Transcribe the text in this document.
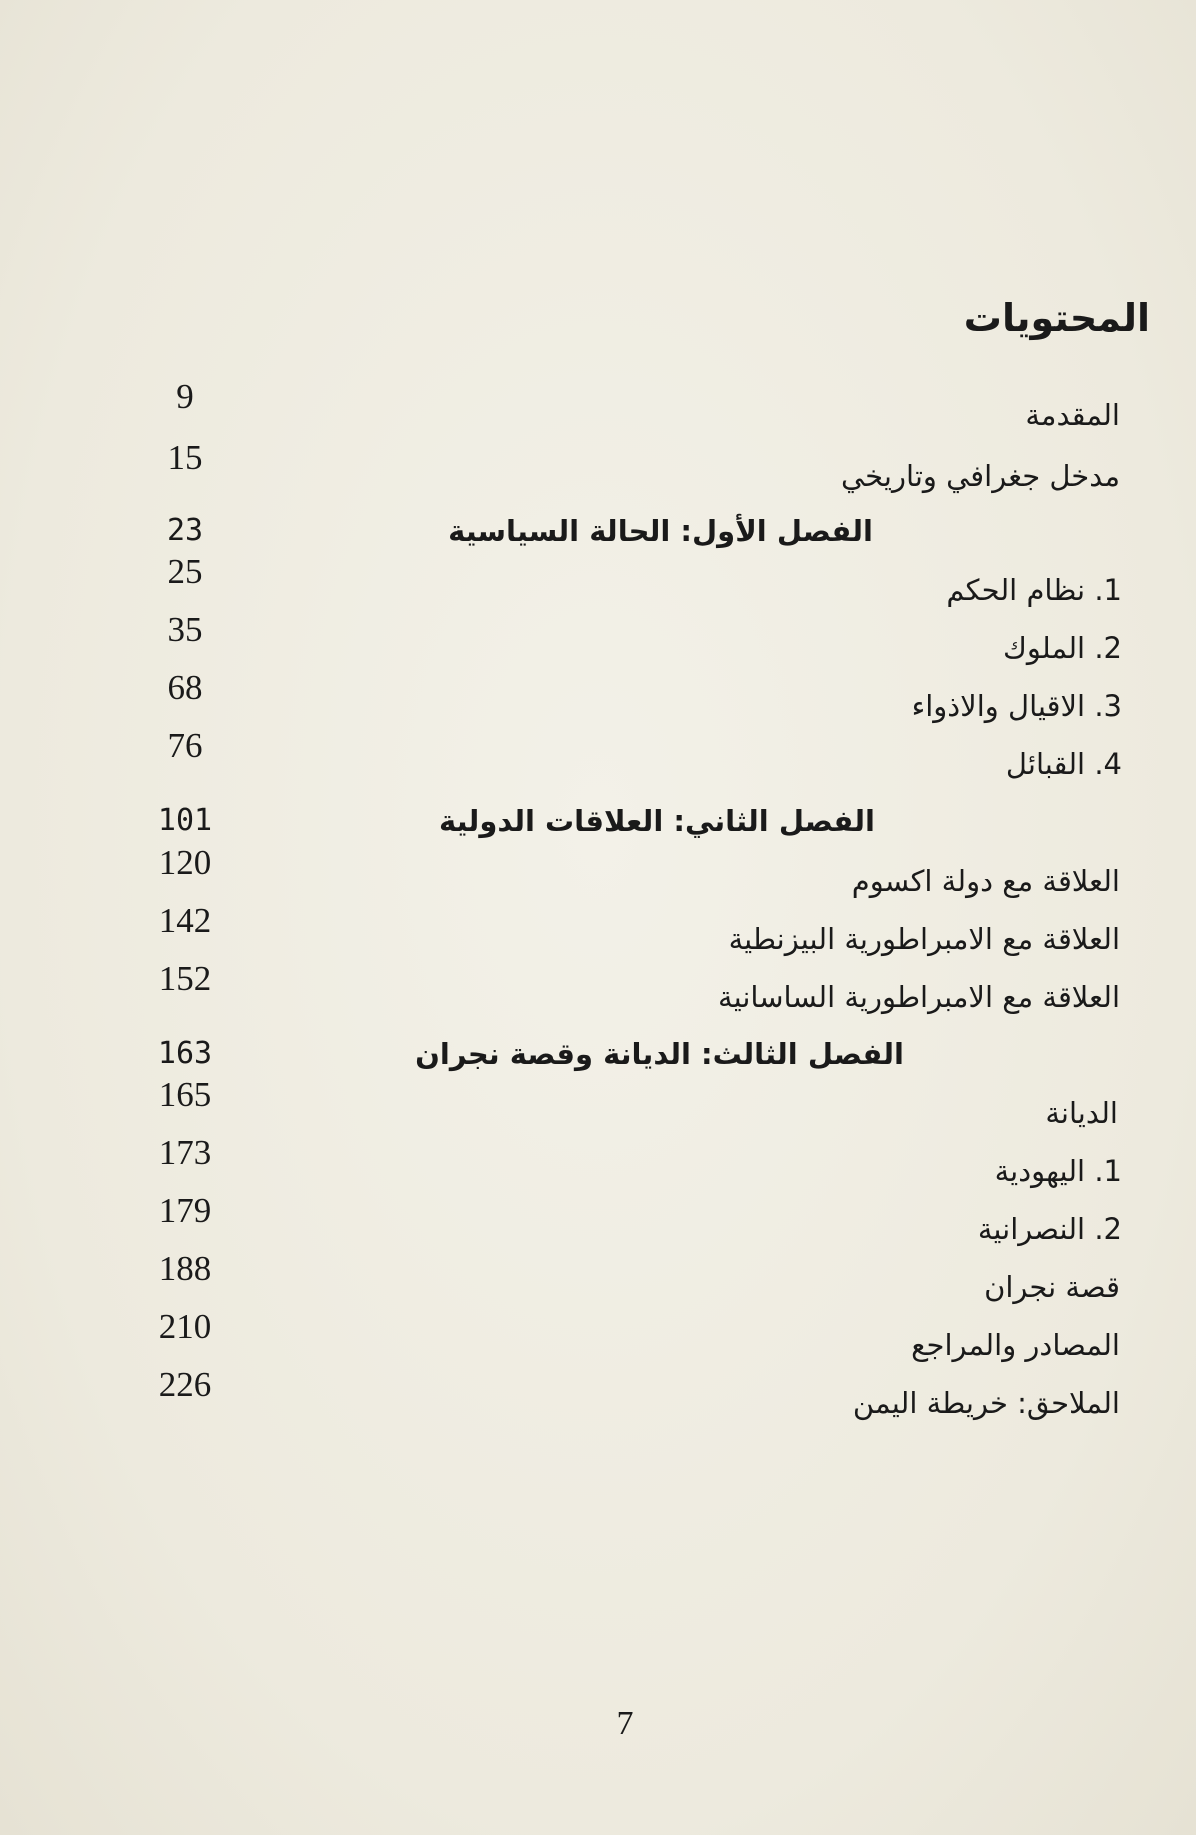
المحتويات
المقدمة
9
مدخل جغرافي وتاريخي
15
الفصل الأول: الحالة السياسية
23
1. نظام الحكم
25
2. الملوك
35
3. الاقيال والاذواء
68
4. القبائل
76
الفصل الثاني: العلاقات الدولية
101
العلاقة مع دولة اكسوم
120
العلاقة مع الامبراطورية البيزنطية
142
العلاقة مع الامبراطورية الساسانية
152
الفصل الثالث: الديانة وقصة نجران
163
الديانة
165
1. اليهودية
173
2. النصرانية
179
قصة نجران
188
المصادر والمراجع
210
الملاحق: خريطة اليمن
226
7
